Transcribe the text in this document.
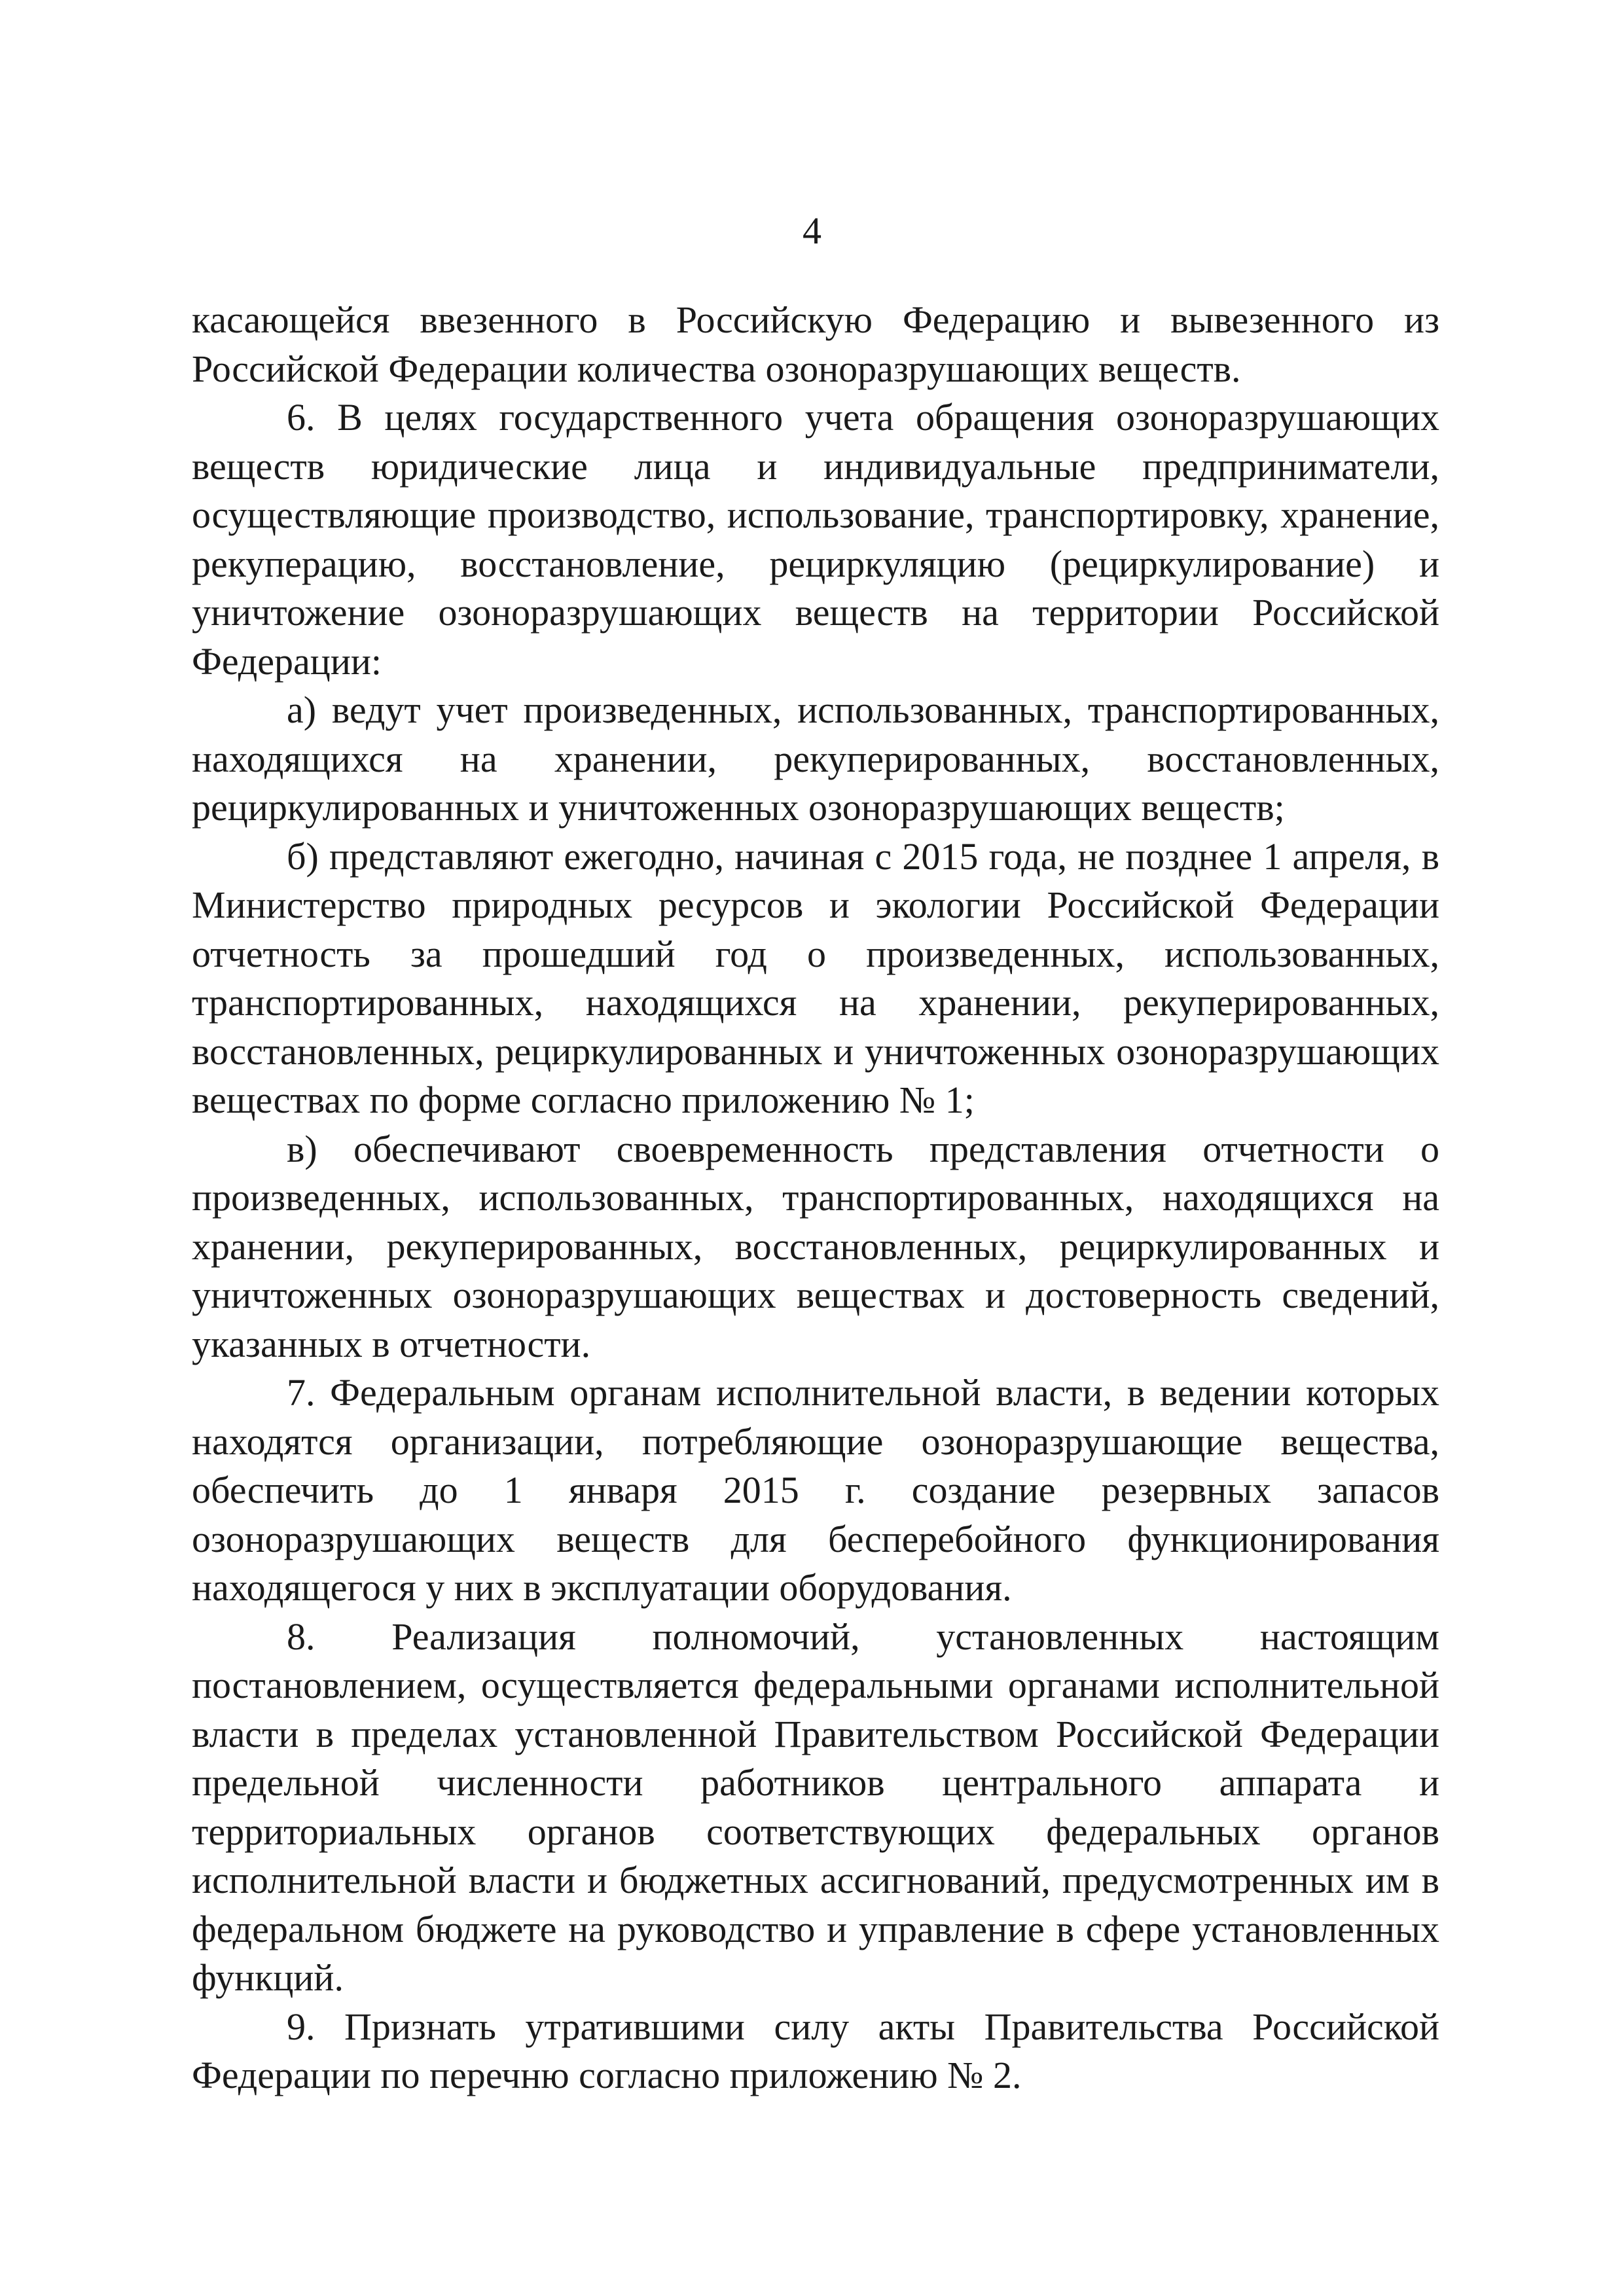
4

касающейся ввезенного в Российскую Федерацию и вывезенного из Российской Федерации количества озоноразрушающих веществ.

6. В целях государственного учета обращения озоноразрушающих веществ юридические лица и индивидуальные предприниматели, осуществляющие производство, использование, транспортировку, хранение, рекуперацию, восстановление, рециркуляцию (рециркулирование) и уничтожение озоноразрушающих веществ на территории Российской Федерации:

а) ведут учет произведенных, использованных, транспортированных, находящихся на хранении, рекуперированных, восстановленных, рециркулированных и уничтоженных озоноразрушающих веществ;

б) представляют ежегодно, начиная с 2015 года, не позднее 1 апреля, в Министерство природных ресурсов и экологии Российской Федерации отчетность за прошедший год о произведенных, использованных, транспортированных, находящихся на хранении, рекуперированных, восстановленных, рециркулированных и уничтоженных озоноразрушающих веществах по форме согласно приложению № 1;

в) обеспечивают своевременность представления отчетности о произведенных, использованных, транспортированных, находящихся на хранении, рекуперированных, восстановленных, рециркулированных и уничтоженных озоноразрушающих веществах и достоверность сведений, указанных в отчетности.

7. Федеральным органам исполнительной власти, в ведении которых находятся организации, потребляющие озоноразрушающие вещества, обеспечить до 1 января 2015 г. создание резервных запасов озоноразрушающих веществ для бесперебойного функционирования находящегося у них в эксплуатации оборудования.

8. Реализация полномочий, установленных настоящим постановлением, осуществляется федеральными органами исполнительной власти в пределах установленной Правительством Российской Федерации предельной численности работников центрального аппарата и территориальных органов соответствующих федеральных органов исполнительной власти и бюджетных ассигнований, предусмотренных им в федеральном бюджете на руководство и управление в сфере установленных функций.

9. Признать утратившими силу акты Правительства Российской Федерации по перечню согласно приложению № 2.
